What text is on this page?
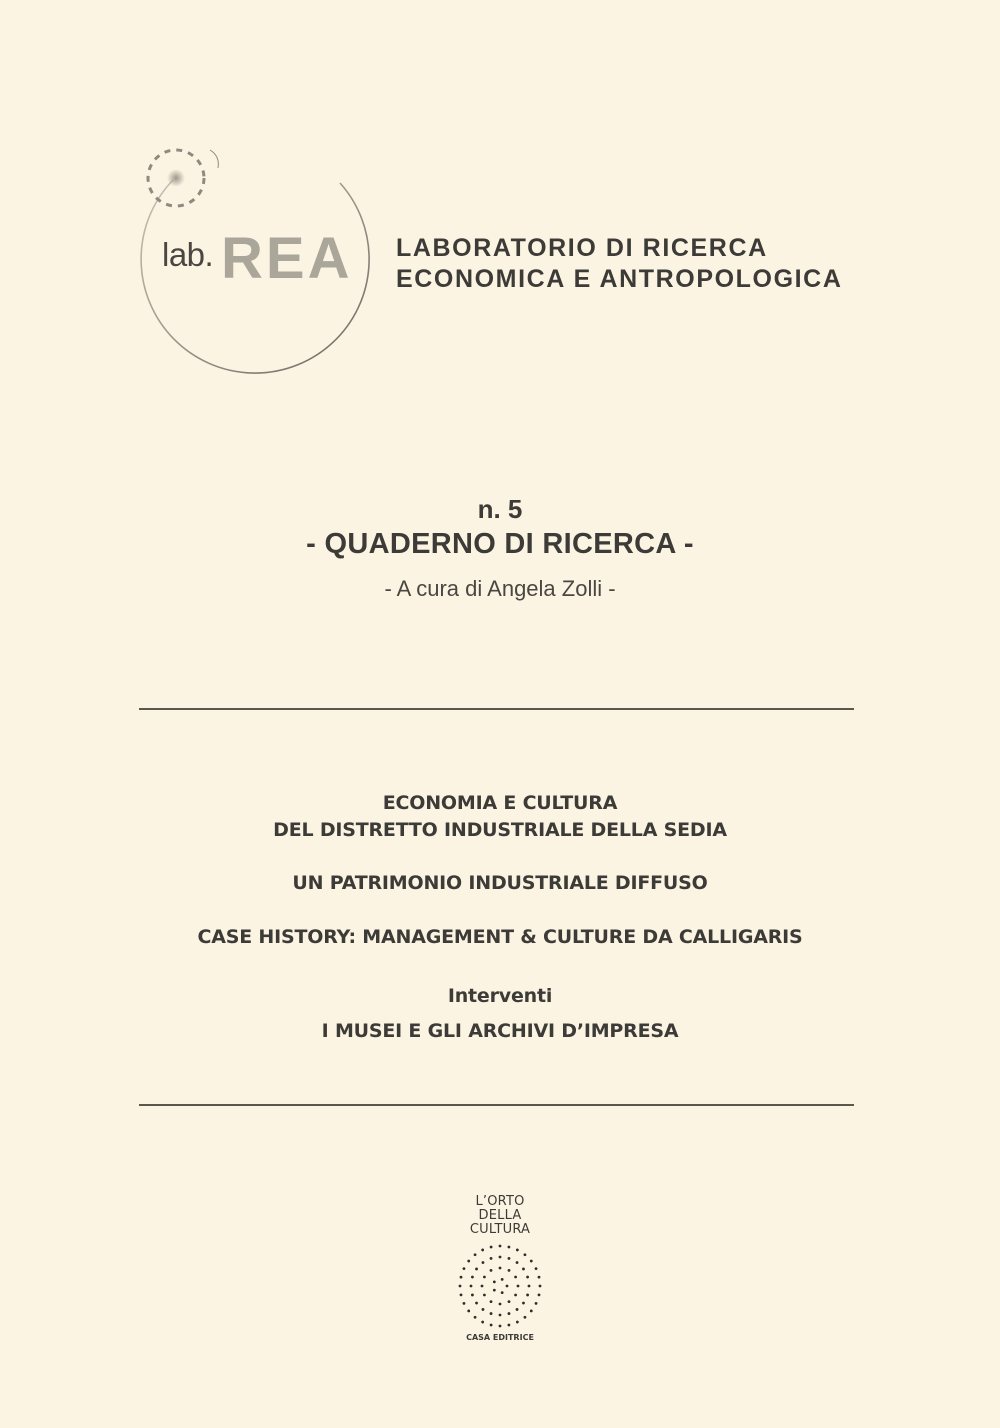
lab. REA LABORATORIO DI RICERCA
ECONOMICA E ANTROPOLOGICA
n. 5
- QUADERNO DI RICERCA -
- A cura di Angela Zolli -
ECONOMIA E CULTURA
DEL DISTRETTO INDUSTRIALE DELLA SEDIA
UN PATRIMONIO INDUSTRIALE DIFFUSO
CASE HISTORY: MANAGEMENT & CULTURE DA CALLIGARIS
Interventi
I MUSEI E GLI ARCHIVI D’IMPRESA
L’ORTO
DELLA
CULTURA
CASA EDITRICE
